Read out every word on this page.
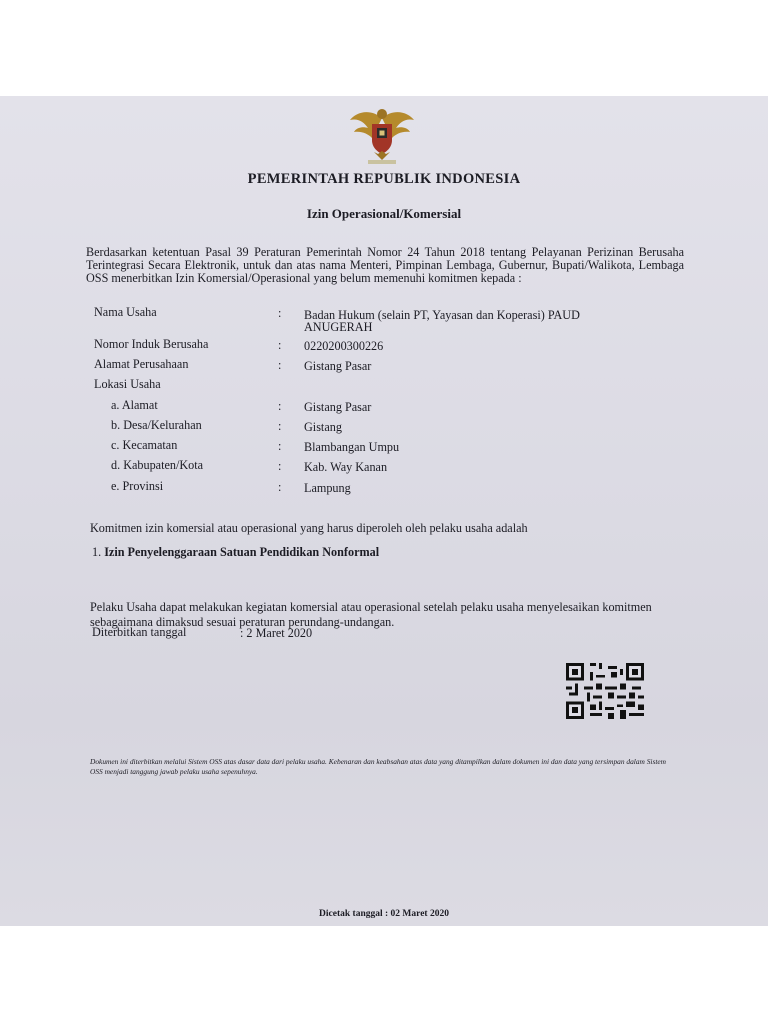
PEMERINTAH REPUBLIK INDONESIA

Izin Operasional/Komersial

Berdasarkan ketentuan Pasal 39 Peraturan Pemerintah Nomor 24 Tahun 2018 tentang Pelayanan Perizinan Berusaha Terintegrasi Secara Elektronik, untuk dan atas nama Menteri, Pimpinan Lembaga, Gubernur, Bupati/Walikota, Lembaga OSS menerbitkan Izin Komersial/Operasional yang belum memenuhi komitmen kepada :

Nama Usaha	: Badan Hukum (selain PT, Yayasan dan Koperasi) PAUD
ANUGERAH
Nomor Induk Berusaha	: 0220200300226
Alamat Perusahaan	: Gistang Pasar
Lokasi Usaha
a. Alamat	: Gistang Pasar
b. Desa/Kelurahan	: Gistang
c. Kecamatan	: Blambangan Umpu
d. Kabupaten/Kota	: Kab. Way Kanan
e. Provinsi	: Lampung
Komitmen izin komersial atau operasional yang harus diperoleh oleh pelaku usaha adalah
1. Izin Penyelenggaraan Satuan Pendidikan Nonformal

Pelaku Usaha dapat melakukan kegiatan komersial atau operasional setelah pelaku usaha menyelesaikan komitmen sebagaimana dimaksud sesuai peraturan perundang-undangan.

Diterbitkan tanggal	: 2 Maret 2020

Dokumen ini diterbitkan melalui Sistem OSS atas dasar data dari pelaku usaha. Kebenaran dan keabsahan atas data yang ditampilkan dalam dokumen ini dan data yang tersimpan dalam Sistem OSS menjadi tanggung jawab pelaku usaha sepenuhnya.

Dicetak tanggal : 02 Maret 2020
